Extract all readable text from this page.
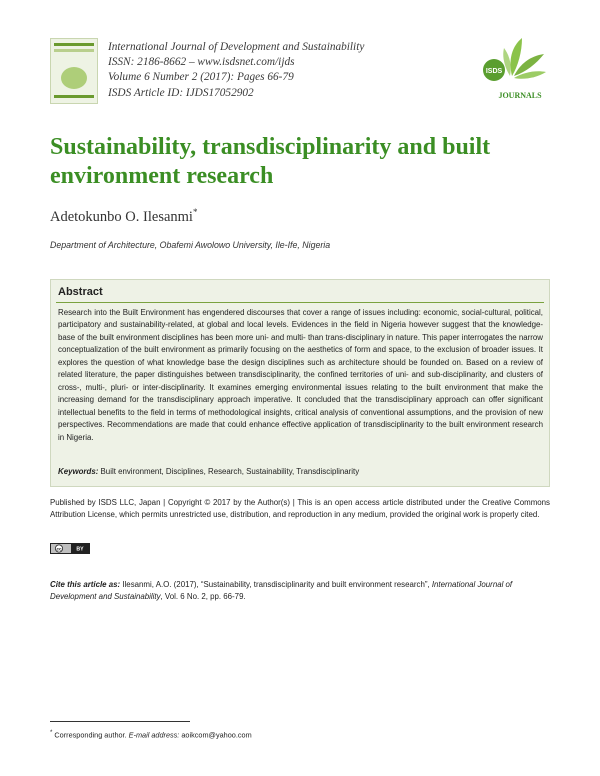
International Journal of Development and Sustainability
ISSN: 2186-8662 – www.isdsnet.com/ijds
Volume 6 Number 2 (2017): Pages 66-79
ISDS Article ID: IJDS17052902
ISDS
JOURNALS
Sustainability, transdisciplinarity and built environment research
Adetokunbo O. Ilesanmi*
Department of Architecture, Obafemi Awolowo University, Ile-Ife, Nigeria
Abstract
Research into the Built Environment has engendered discourses that cover a range of issues including: economic, social-cultural, political, participatory and sustainability-related, at global and local levels. Evidences in the field in Nigeria however suggest that the knowledge-base of the built environment disciplines has been more uni- and multi- than trans-disciplinary in nature. This paper interrogates the narrow conceptualization of the built environment as primarily focusing on the aesthetics of form and space, to the exclusion of broader issues. It explores the question of what knowledge base the design disciplines such as architecture should be founded on. Based on a review of related literature, the paper distinguishes between transdisciplinarity, the confined territories of uni- and sub-disciplinarity, and clusters of cross-, multi-, pluri- or inter-disciplinarity. It examines emerging environmental issues relating to the built environment that make the increasing demand for the transdisciplinary approach imperative. It concluded that the transdisciplinary approach can offer significant intellectual benefits to the field in terms of methodological insights, critical analysis of conventional assumptions, and the provision of new perspectives. Recommendations are made that could enhance effective application of transdisciplinarity to the built environment research in Nigeria.
Keywords: Built environment, Disciplines, Research, Sustainability, Transdisciplinarity
Published by ISDS LLC, Japan | Copyright © 2017 by the Author(s) | This is an open access article distributed under the Creative Commons Attribution License, which permits unrestricted use, distribution, and reproduction in any medium, provided the original work is properly cited.
cc	BY
Cite this article as: Ilesanmi, A.O. (2017), “Sustainability, transdisciplinarity and built environment research”, International Journal of Development and Sustainability, Vol. 6 No. 2, pp. 66-79.
* Corresponding author. E-mail address: aoikcom@yahoo.com
